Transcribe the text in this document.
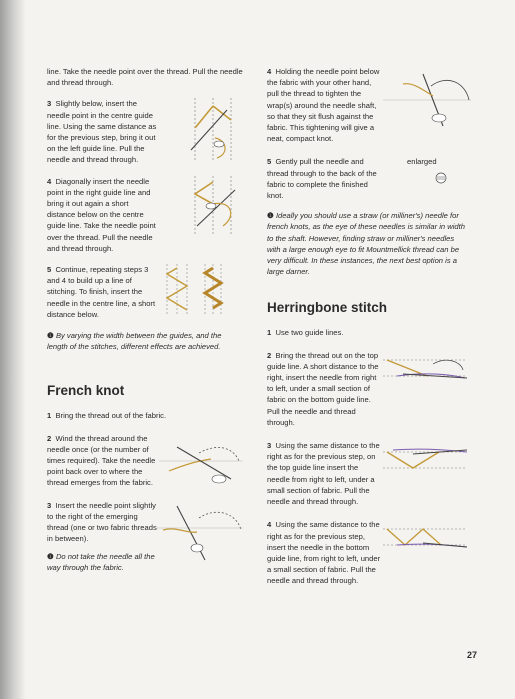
line. Take the needle point over the thread. Pull the needle and thread through.

3 Slightly below, insert the needle point in the centre guide line. Using the same distance as for the previous step, bring it out on the left guide line. Pull the needle and thread through.

4 Diagonally insert the needle point in the right guide line and bring it out again a short distance below on the centre guide line. Take the needle point over the thread. Pull the needle and thread through.

5 Continue, repeating steps 3 and 4 to build up a line of stitching. To finish, insert the needle in the centre line, a short distance below.

❶ By varying the width between the guides, and the length of the stitches, different effects are achieved.

French knot

1 Bring the thread out of the fabric.

2 Wind the thread around the needle once (or the number of times required). Take the needle point back over to where the thread emerges from the fabric.

3 Insert the needle point slightly to the right of the emerging thread (one or two fabric threads in between).

❶ Do not take the needle all the way through the fabric.

4 Holding the needle point below the fabric with your other hand, pull the thread to tighten the wrap(s) around the needle shaft, so that they sit flush against the fabric. This tightening will give a neat, compact knot.

enlarged

5 Gently pull the needle and thread through to the back of the fabric to complete the finished knot.

❶ Ideally you should use a straw (or milliner's) needle for french knots, as the eye of these needles is similar in width to the shaft. However, finding straw or milliner's needles with a large enough eye to fit Mountmellick thread can be very difficult. In these instances, the next best option is a large darner.

Herringbone stitch

1 Use two guide lines.

2 Bring the thread out on the top guide line. A short distance to the right, insert the needle from right to left, under a small section of fabric on the bottom guide line. Pull the needle and thread through.

3 Using the same distance to the right as for the previous step, on the top guide line insert the needle from right to left, under a small section of fabric. Pull the needle and thread through.

4 Using the same distance to the right as for the previous step, insert the needle in the bottom guide line, from right to left, under a small section of fabric. Pull the needle and thread through.

27
